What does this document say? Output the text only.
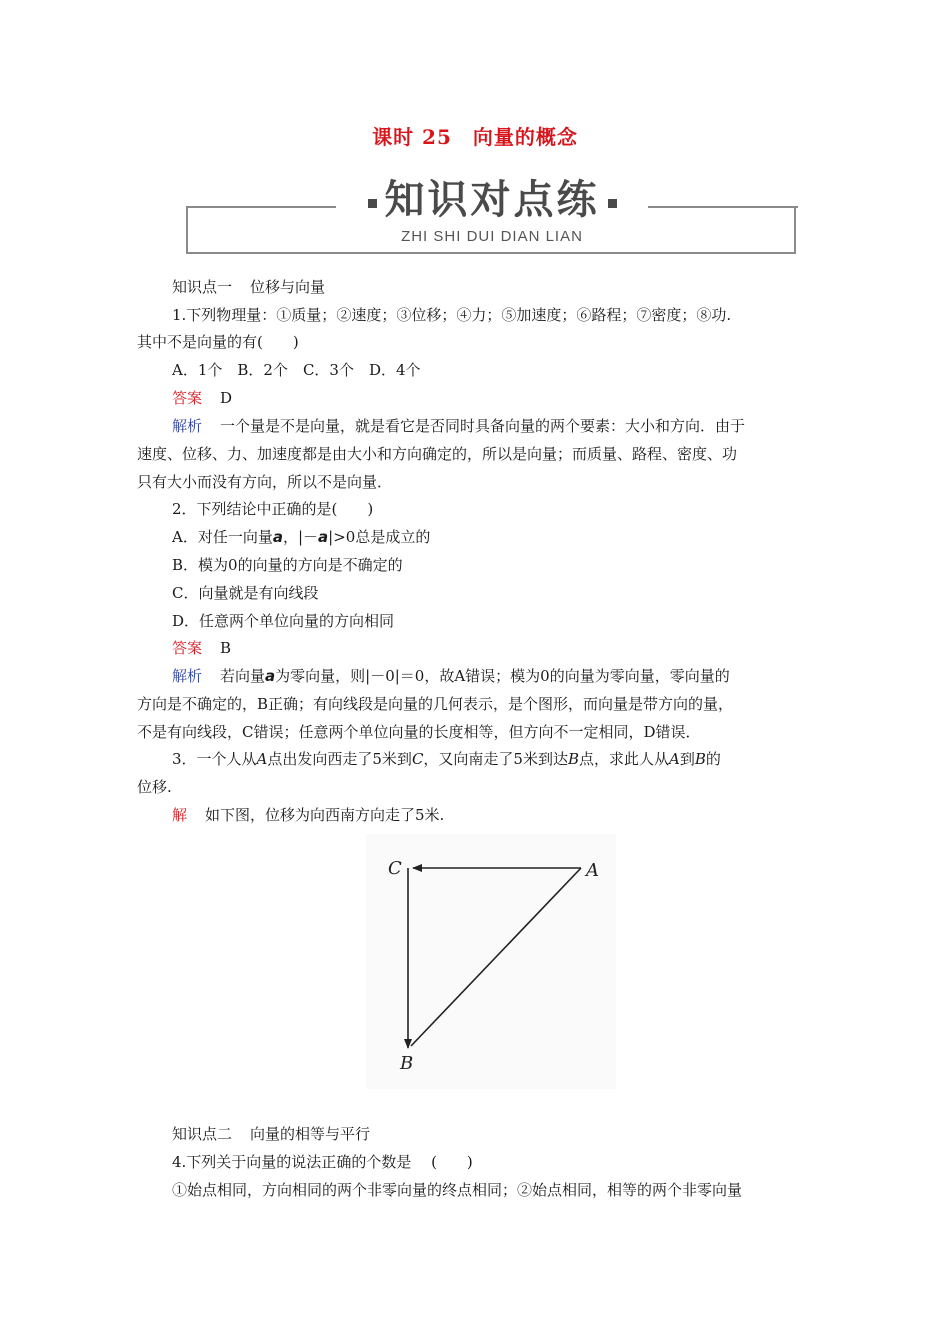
课时 25　向量的概念
知识对点练
ZHI SHI DUI DIAN LIAN
知识点一 位移与向量
1.下列物理量：①质量；②速度；③位移；④力；⑤加速度；⑥路程；⑦密度；⑧功.
其中不是向量的有(　　)
A．1个　B．2个　C．3个　D．4个
答案 D
解析 一个量是不是向量，就是看它是否同时具备向量的两个要素：大小和方向．由于
速度、位移、力、加速度都是由大小和方向确定的，所以是向量；而质量、路程、密度、功
只有大小而没有方向，所以不是向量．
2．下列结论中正确的是(　　)
A．对任一向量a，|－a|>0总是成立的
B．模为0的向量的方向是不确定的
C．向量就是有向线段
D．任意两个单位向量的方向相同
答案 B
解析 若向量a为零向量，则|－0|＝0，故A错误；模为0的向量为零向量，零向量的
方向是不确定的，B正确；有向线段是向量的几何表示，是个图形，而向量是带方向的量，
不是有向线段，C错误；任意两个单位向量的长度相等，但方向不一定相同，D错误．
3．一个人从A点出发向西走了5米到C，又向南走了5米到达B点，求此人从A到B的
位移.
解 如下图，位移为向西南方向走了5米.
C	A
B
知识点二 向量的相等与平行
4.下列关于向量的说法正确的个数是　 (　　)
①始点相同，方向相同的两个非零向量的终点相同；②始点相同，相等的两个非零向量
